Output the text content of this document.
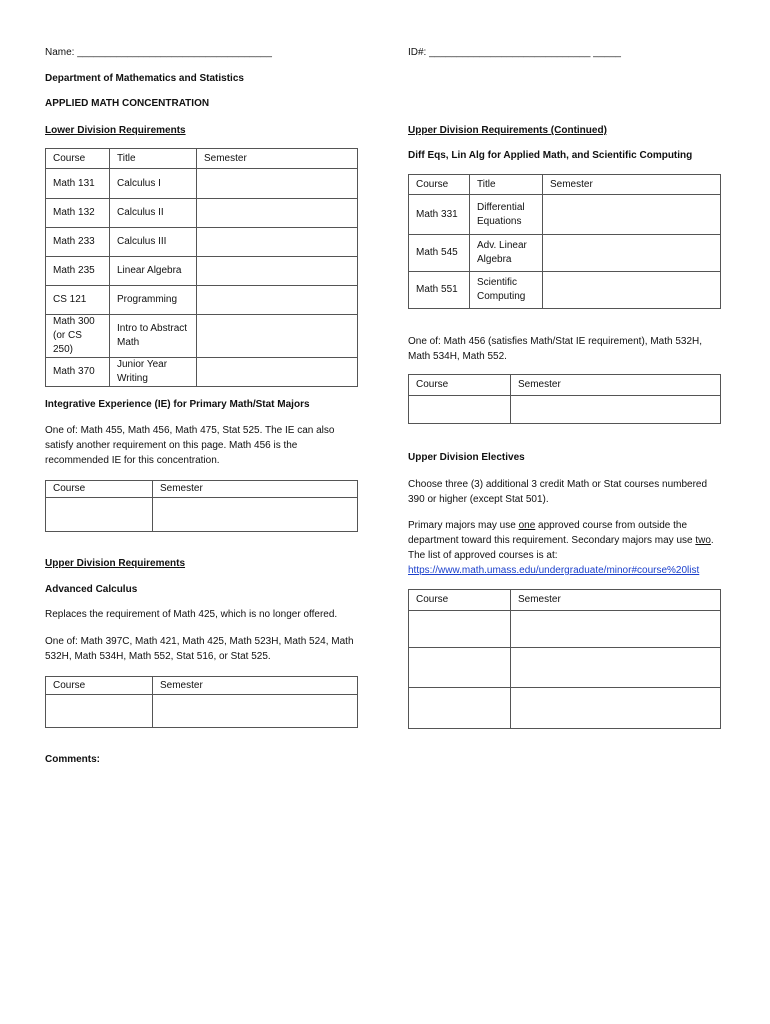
Name: ___________________________________	ID#: _____________________________ _____
Department of Mathematics and Statistics
APPLIED MATH CONCENTRATION
Lower Division Requirements
Course	Title	Semester
Math 131	Calculus I	
Math 132	Calculus II	
Math 233	Calculus III	
Math 235	Linear Algebra	
CS 121	Programming	
Math 300 (or CS 250)	Intro to Abstract Math	
Math 370	Junior Year Writing	
Integrative Experience (IE) for Primary Math/Stat Majors
One of: Math 455, Math 456, Math 475, Stat 525. The IE can also satisfy another requirement on this page. Math 456 is the recommended IE for this concentration.
Course	Semester

Upper Division Requirements
Advanced Calculus
Replaces the requirement of Math 425, which is no longer offered.
One of: Math 397C, Math 421, Math 425, Math 523H, Math 524, Math 532H, Math 534H, Math 552, Stat 516, or Stat 525.
Course	Semester

Comments:
Upper Division Requirements (Continued)
Diff Eqs, Lin Alg for Applied Math, and Scientific Computing
Course	Title	Semester
Math 331	Differential Equations	
Math 545	Adv. Linear Algebra	
Math 551	Scientific Computing	
One of: Math 456 (satisfies Math/Stat IE requirement), Math 532H, Math 534H, Math 552.
Course	Semester

Upper Division Electives
Choose three (3) additional 3 credit Math or Stat courses numbered 390 or higher (except Stat 501).
Primary majors may use one approved course from outside the department toward this requirement. Secondary majors may use two. The list of approved courses is at:
https://www.math.umass.edu/undergraduate/minor#course%20list
Course	Semester
